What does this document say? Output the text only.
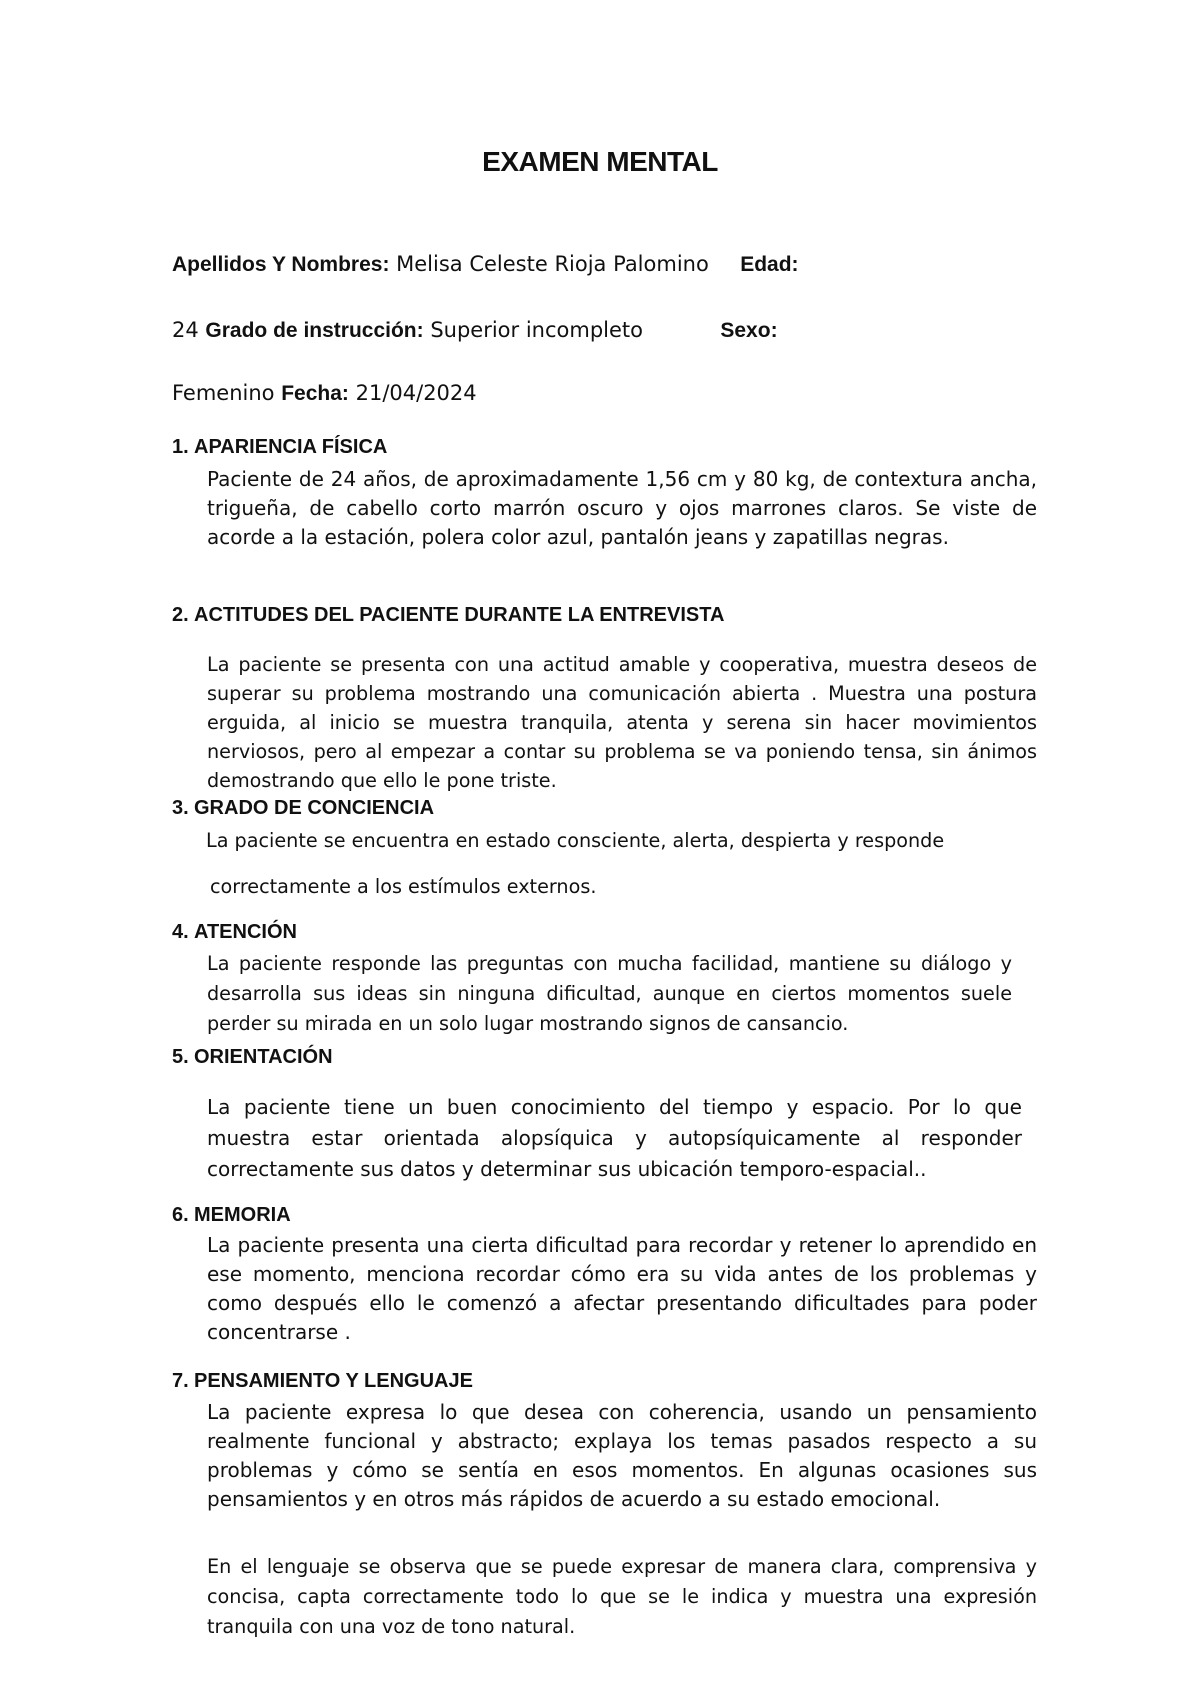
EXAMEN MENTAL
Apellidos Y Nombres: Melisa Celeste Rioja Palomino Edad:
24 Grado de instrucción: Superior incompleto	Sexo:
Femenino Fecha: 21/04/2024
1. APARIENCIA FÍSICA
Paciente de 24 años, de aproximadamente 1,56 cm y 80 kg, de contextura ancha, trigueña, de cabello corto marrón oscuro y ojos marrones claros. Se viste de acorde a la estación, polera color azul, pantalón jeans y zapatillas negras.
2. ACTITUDES DEL PACIENTE DURANTE LA ENTREVISTA
La paciente se presenta con una actitud amable y cooperativa, muestra deseos de superar su problema mostrando una comunicación abierta . Muestra una postura erguida, al inicio se muestra tranquila, atenta y serena sin hacer movimientos nerviosos, pero al empezar a contar su problema se va poniendo tensa, sin ánimos demostrando que ello le pone triste.
3. GRADO DE CONCIENCIA
La paciente se encuentra en estado consciente, alerta, despierta y responde
correctamente a los estímulos externos.
4. ATENCIÓN
La paciente responde las preguntas con mucha facilidad, mantiene su diálogo y desarrolla sus ideas sin ninguna dificultad, aunque en ciertos momentos suele perder su mirada en un solo lugar mostrando signos de cansancio.
5. ORIENTACIÓN
La paciente tiene un buen conocimiento del tiempo y espacio. Por lo que muestra estar orientada alopsíquica y autopsíquicamente al responder correctamente sus datos y determinar sus ubicación temporo-espacial..
6. MEMORIA
La paciente presenta una cierta dificultad para recordar y retener lo aprendido en ese momento, menciona recordar cómo era su vida antes de los problemas y como después ello le comenzó a afectar presentando dificultades para poder concentrarse .
7. PENSAMIENTO Y LENGUAJE
La paciente expresa lo que desea con coherencia, usando un pensamiento realmente funcional y abstracto; explaya los temas pasados respecto a su problemas y cómo se sentía en esos momentos. En algunas ocasiones sus pensamientos y en otros más rápidos de acuerdo a su estado emocional.
En el lenguaje se observa que se puede expresar de manera clara, comprensiva y concisa, capta correctamente todo lo que se le indica y muestra una expresión tranquila con una voz de tono natural.
